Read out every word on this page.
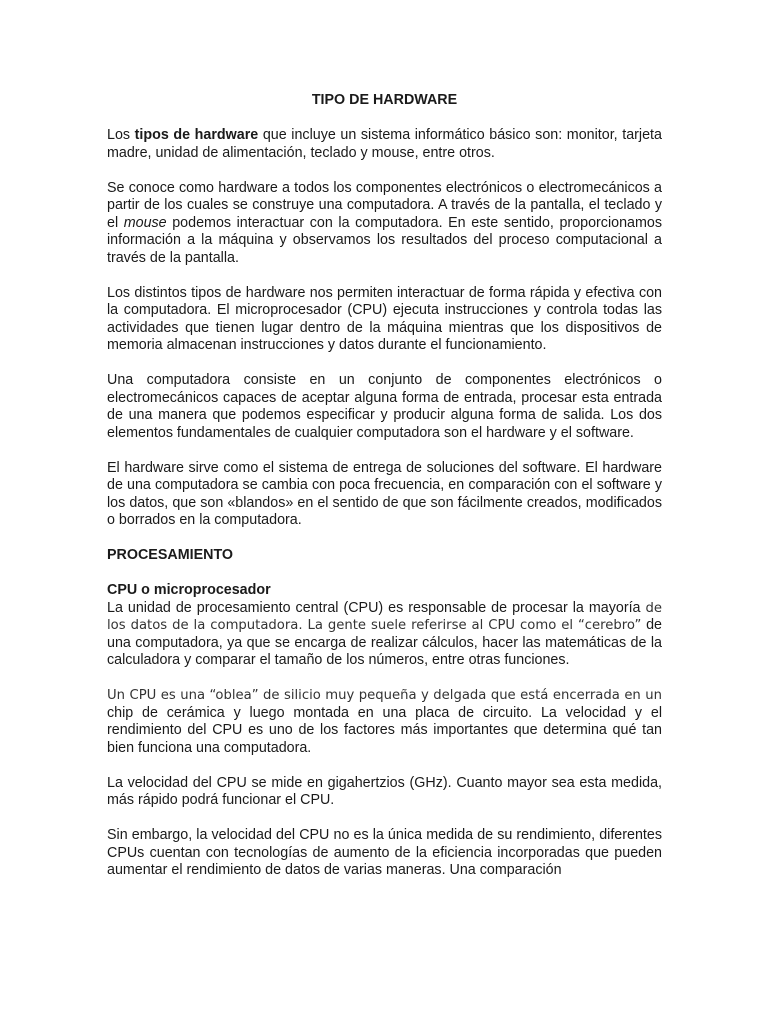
TIPO DE HARDWARE

Los tipos de hardware que incluye un sistema informático básico son: monitor, tarjeta madre, unidad de alimentación, teclado y mouse, entre otros.

Se conoce como hardware a todos los componentes electrónicos o electromecánicos a partir de los cuales se construye una computadora. A través de la pantalla, el teclado y el mouse podemos interactuar con la computadora. En este sentido, proporcionamos información a la máquina y observamos los resultados del proceso computacional a través de la pantalla.

Los distintos tipos de hardware nos permiten interactuar de forma rápida y efectiva con la computadora. El microprocesador (CPU) ejecuta instrucciones y controla todas las actividades que tienen lugar dentro de la máquina mientras que los dispositivos de memoria almacenan instrucciones y datos durante el funcionamiento.

Una computadora consiste en un conjunto de componentes electrónicos o electromecánicos capaces de aceptar alguna forma de entrada, procesar esta entrada de una manera que podemos especificar y producir alguna forma de salida. Los dos elementos fundamentales de cualquier computadora son el hardware y el software.

El hardware sirve como el sistema de entrega de soluciones del software. El hardware de una computadora se cambia con poca frecuencia, en comparación con el software y los datos, que son «blandos» en el sentido de que son fácilmente creados, modificados o borrados en la computadora.

PROCESAMIENTO
CPU o microprocesador

La unidad de procesamiento central (CPU) es responsable de procesar la mayoría de los datos de la computadora. La gente suele referirse al CPU como el “cerebro” de una computadora, ya que se encarga de realizar cálculos, hacer las matemáticas de la calculadora y comparar el tamaño de los números, entre otras funciones.

Un CPU es una “oblea” de silicio muy pequeña y delgada que está encerrada en un chip de cerámica y luego montada en una placa de circuito. La velocidad y el rendimiento del CPU es uno de los factores más importantes que determina qué tan bien funciona una computadora.

La velocidad del CPU se mide en gigahertzios (GHz). Cuanto mayor sea esta medida, más rápido podrá funcionar el CPU.

Sin embargo, la velocidad del CPU no es la única medida de su rendimiento, diferentes CPUs cuentan con tecnologías de aumento de la eficiencia incorporadas que pueden aumentar el rendimiento de datos de varias maneras. Una comparación
